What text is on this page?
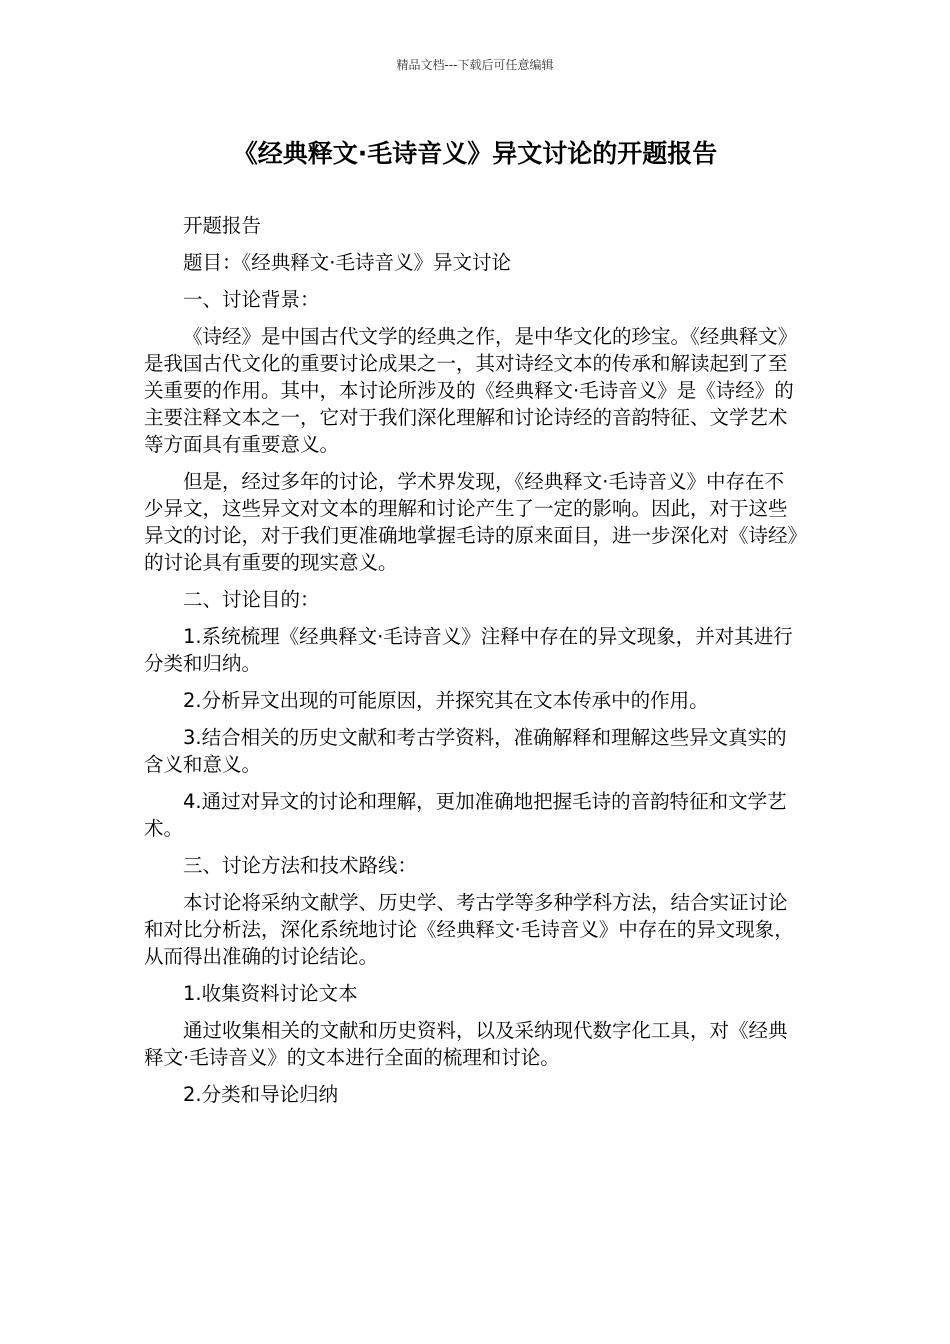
精品文档---下载后可任意编辑
《经典释文·毛诗音义》异文讨论的开题报告

开题报告

题目：《经典释文·毛诗音义》异文讨论

一、讨论背景：

《诗经》是中国古代文学的经典之作，是中华文化的珍宝。《经典释文》是我国古代文化的重要讨论成果之一，其对诗经文本的传承和解读起到了至关重要的作用。其中，本讨论所涉及的《经典释文·毛诗音义》是《诗经》的主要注释文本之一，它对于我们深化理解和讨论诗经的音韵特征、文学艺术等方面具有重要意义。

但是，经过多年的讨论，学术界发现，《经典释文·毛诗音义》中存在不少异文，这些异文对文本的理解和讨论产生了一定的影响。因此，对于这些异文的讨论，对于我们更准确地掌握毛诗的原来面目，进一步深化对《诗经》的讨论具有重要的现实意义。

二、讨论目的：

1.系统梳理《经典释文·毛诗音义》注释中存在的异文现象，并对其进行分类和归纳。

2.分析异文出现的可能原因，并探究其在文本传承中的作用。

3.结合相关的历史文献和考古学资料，准确解释和理解这些异文真实的含义和意义。

4.通过对异文的讨论和理解，更加准确地把握毛诗的音韵特征和文学艺术。

三、讨论方法和技术路线：

本讨论将采纳文献学、历史学、考古学等多种学科方法，结合实证讨论和对比分析法，深化系统地讨论《经典释文·毛诗音义》中存在的异文现象，从而得出准确的讨论结论。

1.收集资料讨论文本

通过收集相关的文献和历史资料，以及采纳现代数字化工具，对《经典释文·毛诗音义》的文本进行全面的梳理和讨论。

2.分类和导论归纳
